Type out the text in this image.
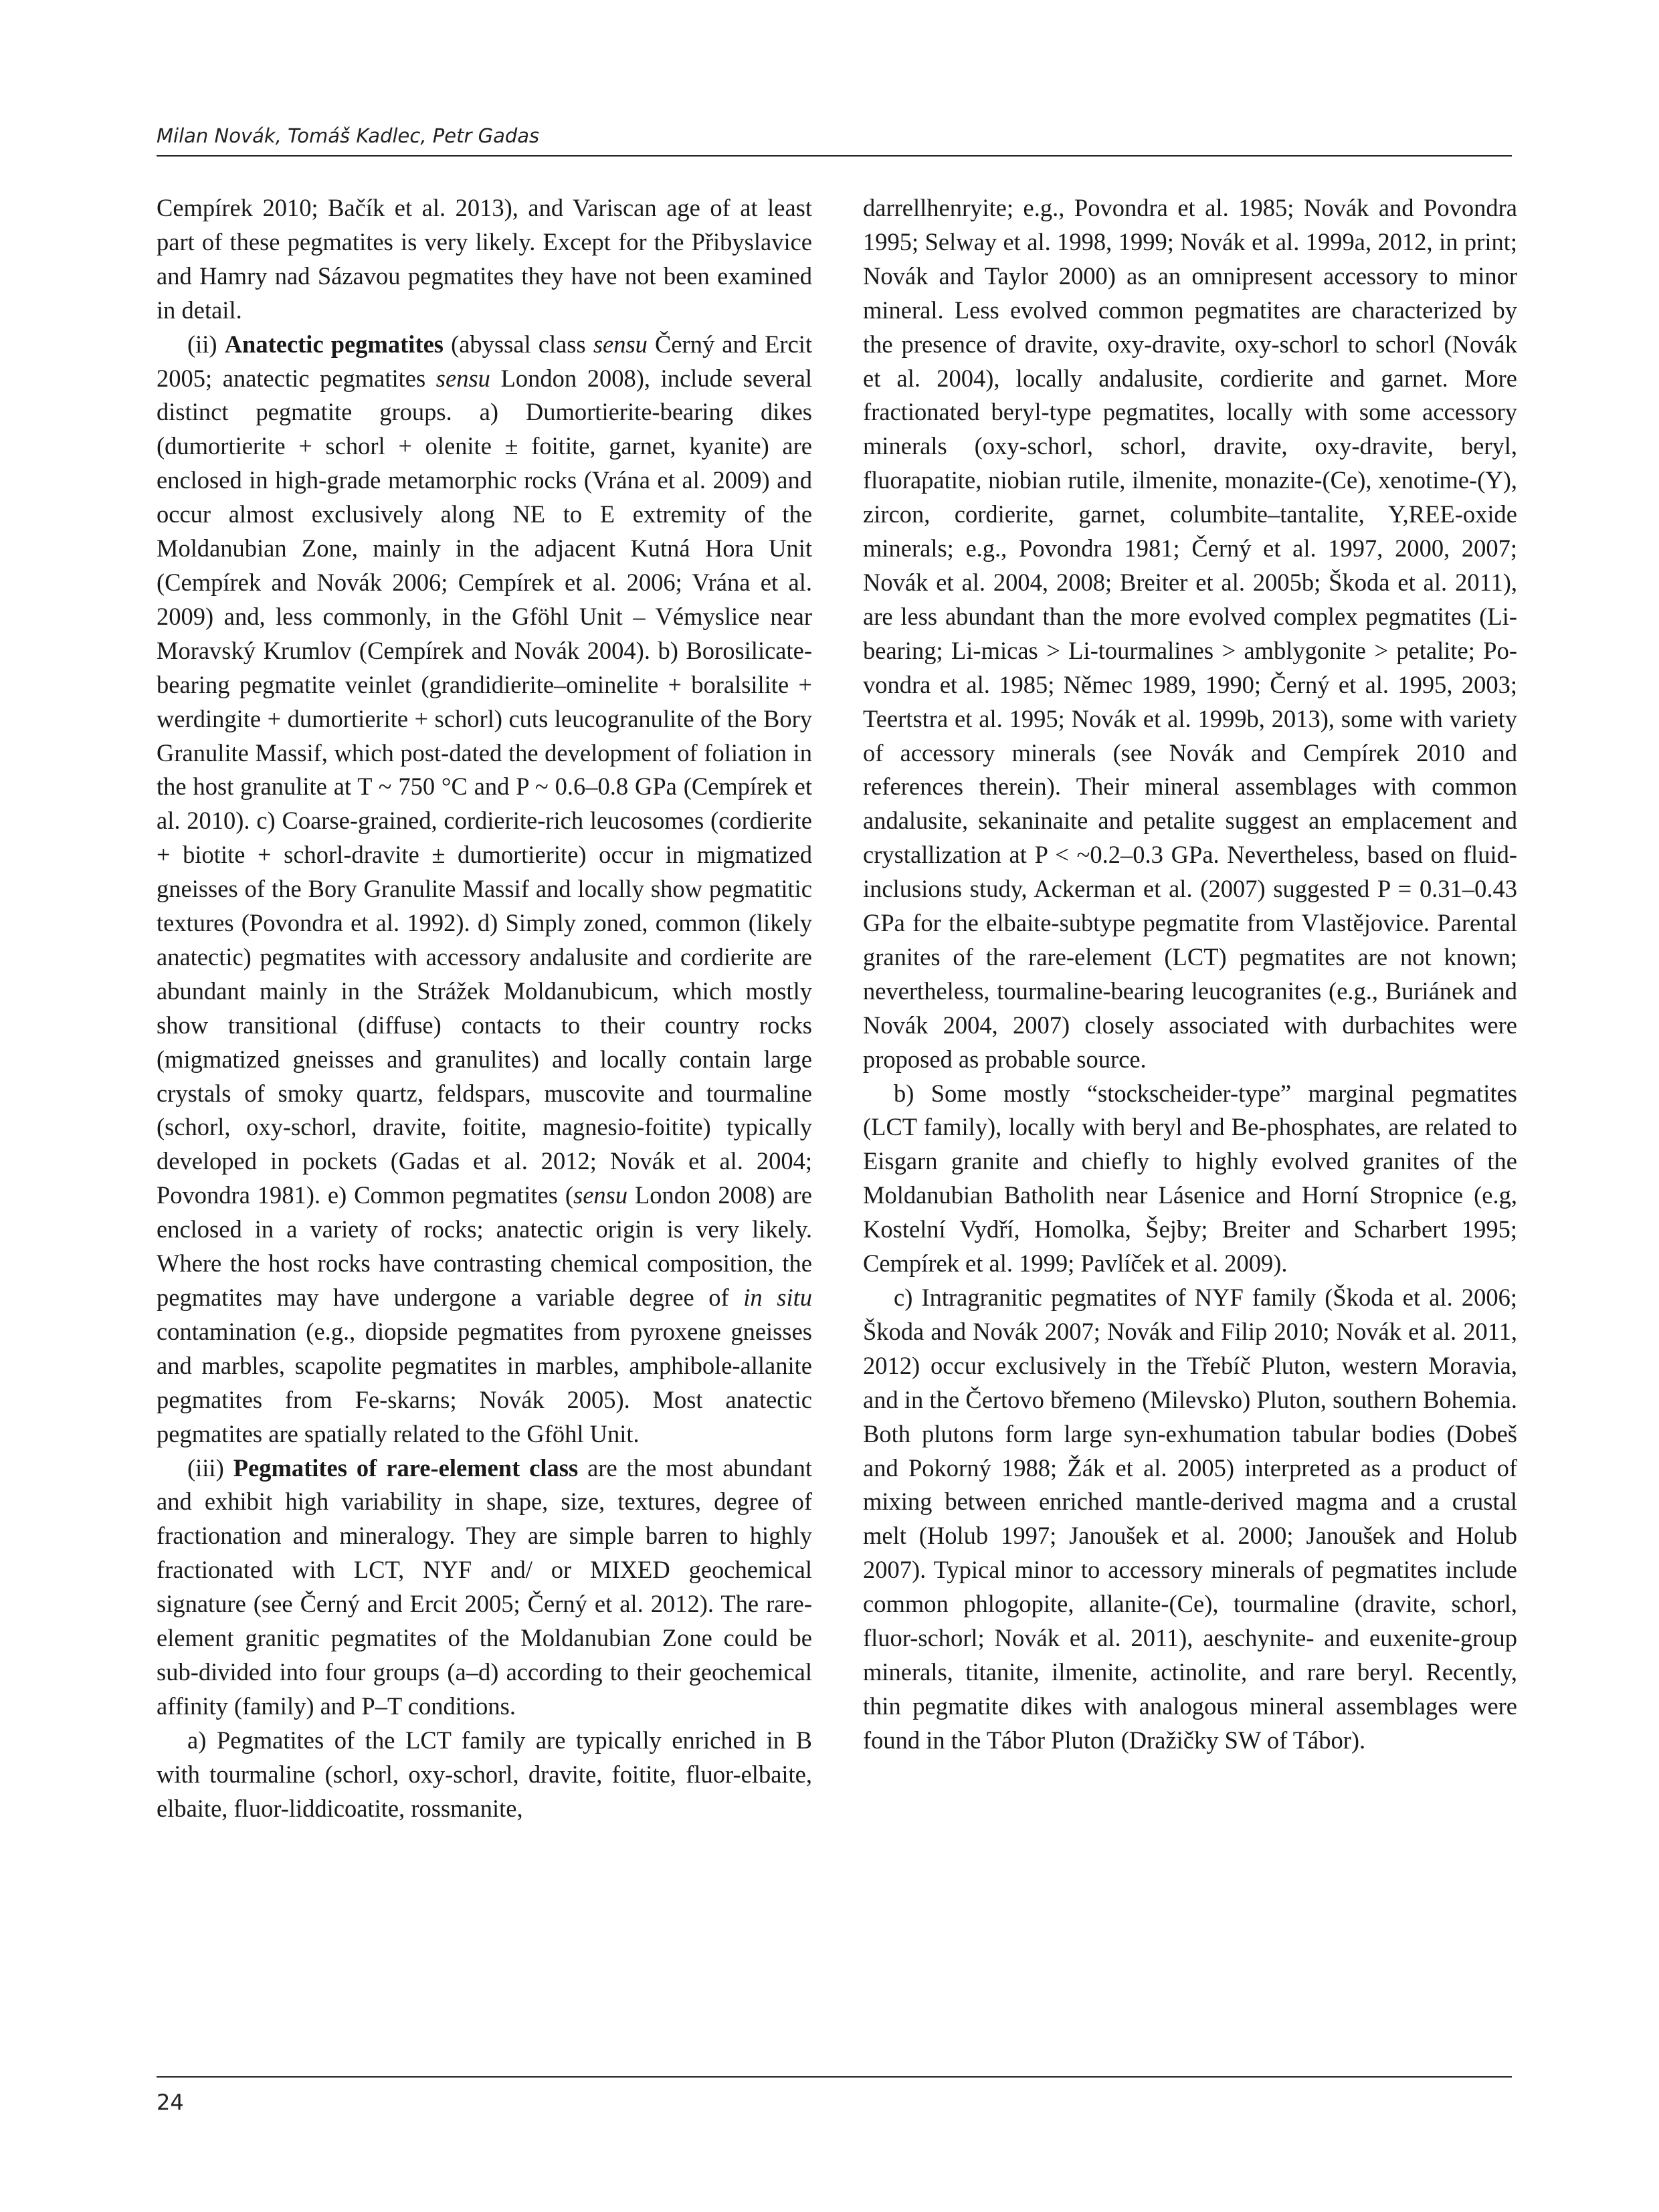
Milan Novák, Tomáš Kadlec, Petr Gadas

Cempírek 2010; Bačík et al. 2013), and Variscan age of at least part of these pegmatites is very likely. Except for the Přibyslavice and Hamry nad Sázavou pegmatites they have not been examined in detail.

(ii) Anatectic pegmatites (abyssal class sensu Černý and Ercit 2005; anatectic pegmatites sensu London 2008), include several distinct pegmatite groups. a) Dumortierite-bearing dikes (dumortierite + schorl + olenite ± foitite, garnet, kyanite) are enclosed in high-grade metamorphic rocks (Vrána et al. 2009) and occur almost exclusively along NE to E extremity of the Moldanubian Zone, mainly in the adjacent Kutná Hora Unit (Cempírek and Novák 2006; Cempírek et al. 2006; Vrána et al. 2009) and, less commonly, in the Gföhl Unit – Vémyslice near Moravský Krumlov (Cempírek and Novák 2004). b) Borosilicate-bearing pegmatite veinlet (grandidierite–ominelite + boralsilite + werdingite + dumortierite + schorl) cuts leucogranulite of the Bory Granulite Massif, which post-dated the development of foliation in the host granulite at T ~ 750 °C and P ~ 0.6–0.8 GPa (Cempírek et al. 2010). c) Coarse-grained, cordierite-rich leucosomes (cordierite + biotite + schorl-dravite ± dumortierite) occur in migmatized gneisses of the Bory Granulite Massif and locally show pegmatitic textures (Povondra et al. 1992). d) Simply zoned, common (likely anatectic) pegmatites with accessory andalusite and cordierite are abundant mainly in the Strážek Moldanubicum, which mostly show transitional (diffuse) contacts to their country rocks (migmatized gneisses and granulites) and locally contain large crystals of smoky quartz, feldspars, muscovite and tourmaline (schorl, oxy-schorl, dravite, foitite, magnesio-foitite) typically developed in pockets (Gadas et al. 2012; Novák et al. 2004; Povondra 1981). e) Common pegmatites (sensu London 2008) are enclosed in a variety of rocks; anatectic origin is very likely. Where the host rocks have contrasting chemical composition, the pegmatites may have undergone a variable degree of in situ contamination (e.g., diopside pegmatites from pyroxene gneisses and marbles, scapolite pegmatites in marbles, amphibole-allanite pegmatites from Fe-skarns; Novák 2005). Most anatectic pegmatites are spatially related to the Gföhl Unit.

(iii) Pegmatites of rare-element class are the most abundant and exhibit high variability in shape, size, textures, degree of fractionation and mineralogy. They are simple barren to highly fractionated with LCT, NYF and/ or MIXED geochemical signature (see Černý and Ercit 2005; Černý et al. 2012). The rare-element granitic pegmatites of the Moldanubian Zone could be sub-divided into four groups (a–d) according to their geochemical affinity (family) and P–T conditions.

a) Pegmatites of the LCT family are typically enriched in B with tourmaline (schorl, oxy-schorl, dravite, foitite, fluor-elbaite, elbaite, fluor-liddicoatite, rossmanite,

darrellhenryite; e.g., Povondra et al. 1985; Novák and Povondra 1995; Selway et al. 1998, 1999; Novák et al. 1999a, 2012, in print; Novák and Taylor 2000) as an omnipresent accessory to minor mineral. Less evolved common pegmatites are characterized by the presence of dravite, oxy-dravite, oxy-schorl to schorl (Novák et al. 2004), locally andalusite, cordierite and garnet. More fractionated beryl-type pegmatites, locally with some accessory minerals (oxy-schorl, schorl, dravite, oxy-dravite, beryl, fluorapatite, niobian rutile, ilmenite, monazite-(Ce), xenotime-(Y), zircon, cordierite, garnet, columbite–tantalite, Y,REE-oxide minerals; e.g., Povondra 1981; Černý et al. 1997, 2000, 2007; Novák et al. 2004, 2008; Breiter et al. 2005b; Škoda et al. 2011), are less abundant than the more evolved complex pegmatites (Li-bearing; Li-micas > Li-tourmalines > amblygonite > petalite; Povondra et al. 1985; Němec 1989, 1990; Černý et al. 1995, 2003; Teertstra et al. 1995; Novák et al. 1999b, 2013), some with variety of accessory minerals (see Novák and Cempírek 2010 and references therein). Their mineral assemblages with common andalusite, sekaninaite and petalite suggest an emplacement and crystallization at P < ~0.2–0.3 GPa. Nevertheless, based on fluid-inclusions study, Ackerman et al. (2007) suggested P = 0.31–0.43 GPa for the elbaite-subtype pegmatite from Vlastějovice. Parental granites of the rare-element (LCT) pegmatites are not known; nevertheless, tourmaline-bearing leucogranites (e.g., Buriánek and Novák 2004, 2007) closely associated with durbachites were proposed as probable source.

b) Some mostly “stockscheider-type” marginal pegmatites (LCT family), locally with beryl and Be-phosphates, are related to Eisgarn granite and chiefly to highly evolved granites of the Moldanubian Batholith near Lásenice and Horní Stropnice (e.g, Kostelní Vydří, Homolka, Šejby; Breiter and Scharbert 1995; Cempírek et al. 1999; Pavlíček et al. 2009).

c) Intragranitic pegmatites of NYF family (Škoda et al. 2006; Škoda and Novák 2007; Novák and Filip 2010; Novák et al. 2011, 2012) occur exclusively in the Třebíč Pluton, western Moravia, and in the Čertovo břemeno (Milevsko) Pluton, southern Bohemia. Both plutons form large syn-exhumation tabular bodies (Dobeš and Pokorný 1988; Žák et al. 2005) interpreted as a product of mixing between enriched mantle-derived magma and a crustal melt (Holub 1997; Janoušek et al. 2000; Janoušek and Holub 2007). Typical minor to accessory minerals of pegmatites include common phlogopite, allanite-(Ce), tourmaline (dravite, schorl, fluor-schorl; Novák et al. 2011), aeschynite- and euxenite-group minerals, titanite, ilmenite, actinolite, and rare beryl. Recently, thin pegmatite dikes with analogous mineral assemblages were found in the Tábor Pluton (Dražičky SW of Tábor).

24
